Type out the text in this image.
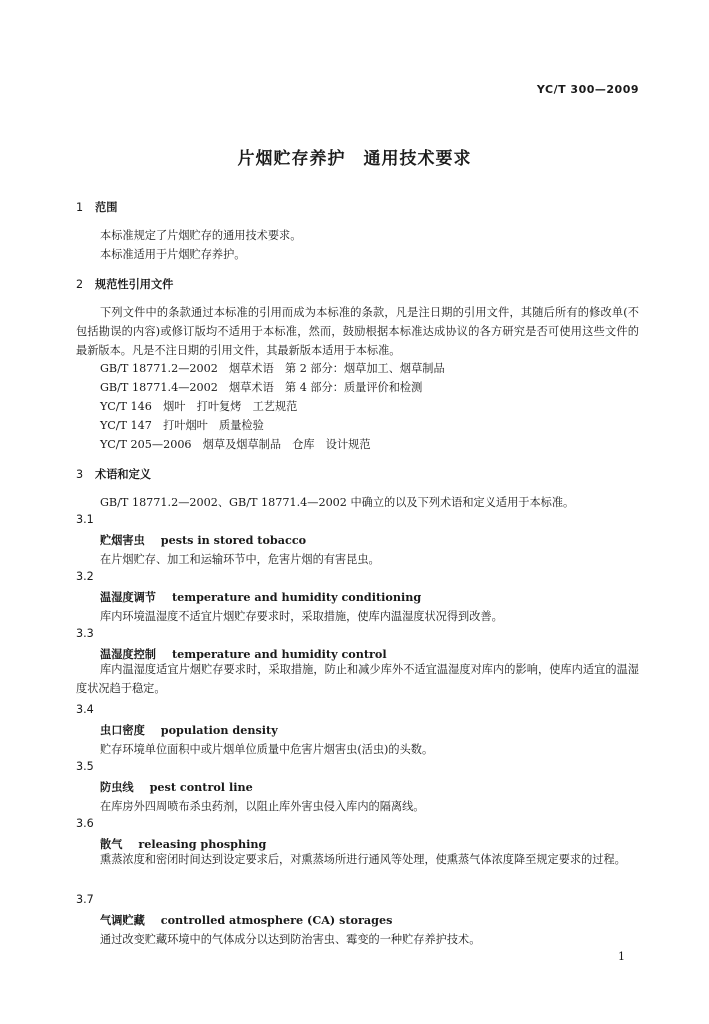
YC/T 300—2009
片烟贮存养护　通用技术要求
1 范围
本标准规定了片烟贮存的通用技术要求。
本标准适用于片烟贮存养护。
2 规范性引用文件
下列文件中的条款通过本标准的引用而成为本标准的条款，凡是注日期的引用文件，其随后所有的修改单(不包括勘误的内容)或修订版均不适用于本标准，然而，鼓励根据本标准达成协议的各方研究是否可使用这些文件的最新版本。凡是不注日期的引用文件，其最新版本适用于本标准。
GB/T 18771.2—2002　烟草术语　第 2 部分：烟草加工、烟草制品
GB/T 18771.4—2002　烟草术语　第 4 部分：质量评价和检测
YC/T 146　烟叶　打叶复烤　工艺规范
YC/T 147　打叶烟叶　质量检验
YC/T 205—2006　烟草及烟草制品　仓库　设计规范
3 术语和定义
GB/T 18771.2—2002、GB/T 18771.4—2002 中确立的以及下列术语和定义适用于本标准。
3.1
贮烟害虫 pests in stored tobacco
在片烟贮存、加工和运输环节中，危害片烟的有害昆虫。
3.2
温湿度调节 temperature and humidity conditioning
库内环境温湿度不适宜片烟贮存要求时，采取措施，使库内温湿度状况得到改善。
3.3
温湿度控制 temperature and humidity control
库内温湿度适宜片烟贮存要求时，采取措施，防止和减少库外不适宜温湿度对库内的影响，使库内适宜的温湿度状况趋于稳定。
3.4
虫口密度 population density
贮存环境单位面积中或片烟单位质量中危害片烟害虫(活虫)的头数。
3.5
防虫线 pest control line
在库房外四周喷布杀虫药剂，以阻止库外害虫侵入库内的隔离线。
3.6
散气 releasing phosphing
熏蒸浓度和密闭时间达到设定要求后，对熏蒸场所进行通风等处理，使熏蒸气体浓度降至规定要求的过程。
3.7
气调贮藏 controlled atmosphere (CA) storages
通过改变贮藏环境中的气体成分以达到防治害虫、霉变的一种贮存养护技术。
1
